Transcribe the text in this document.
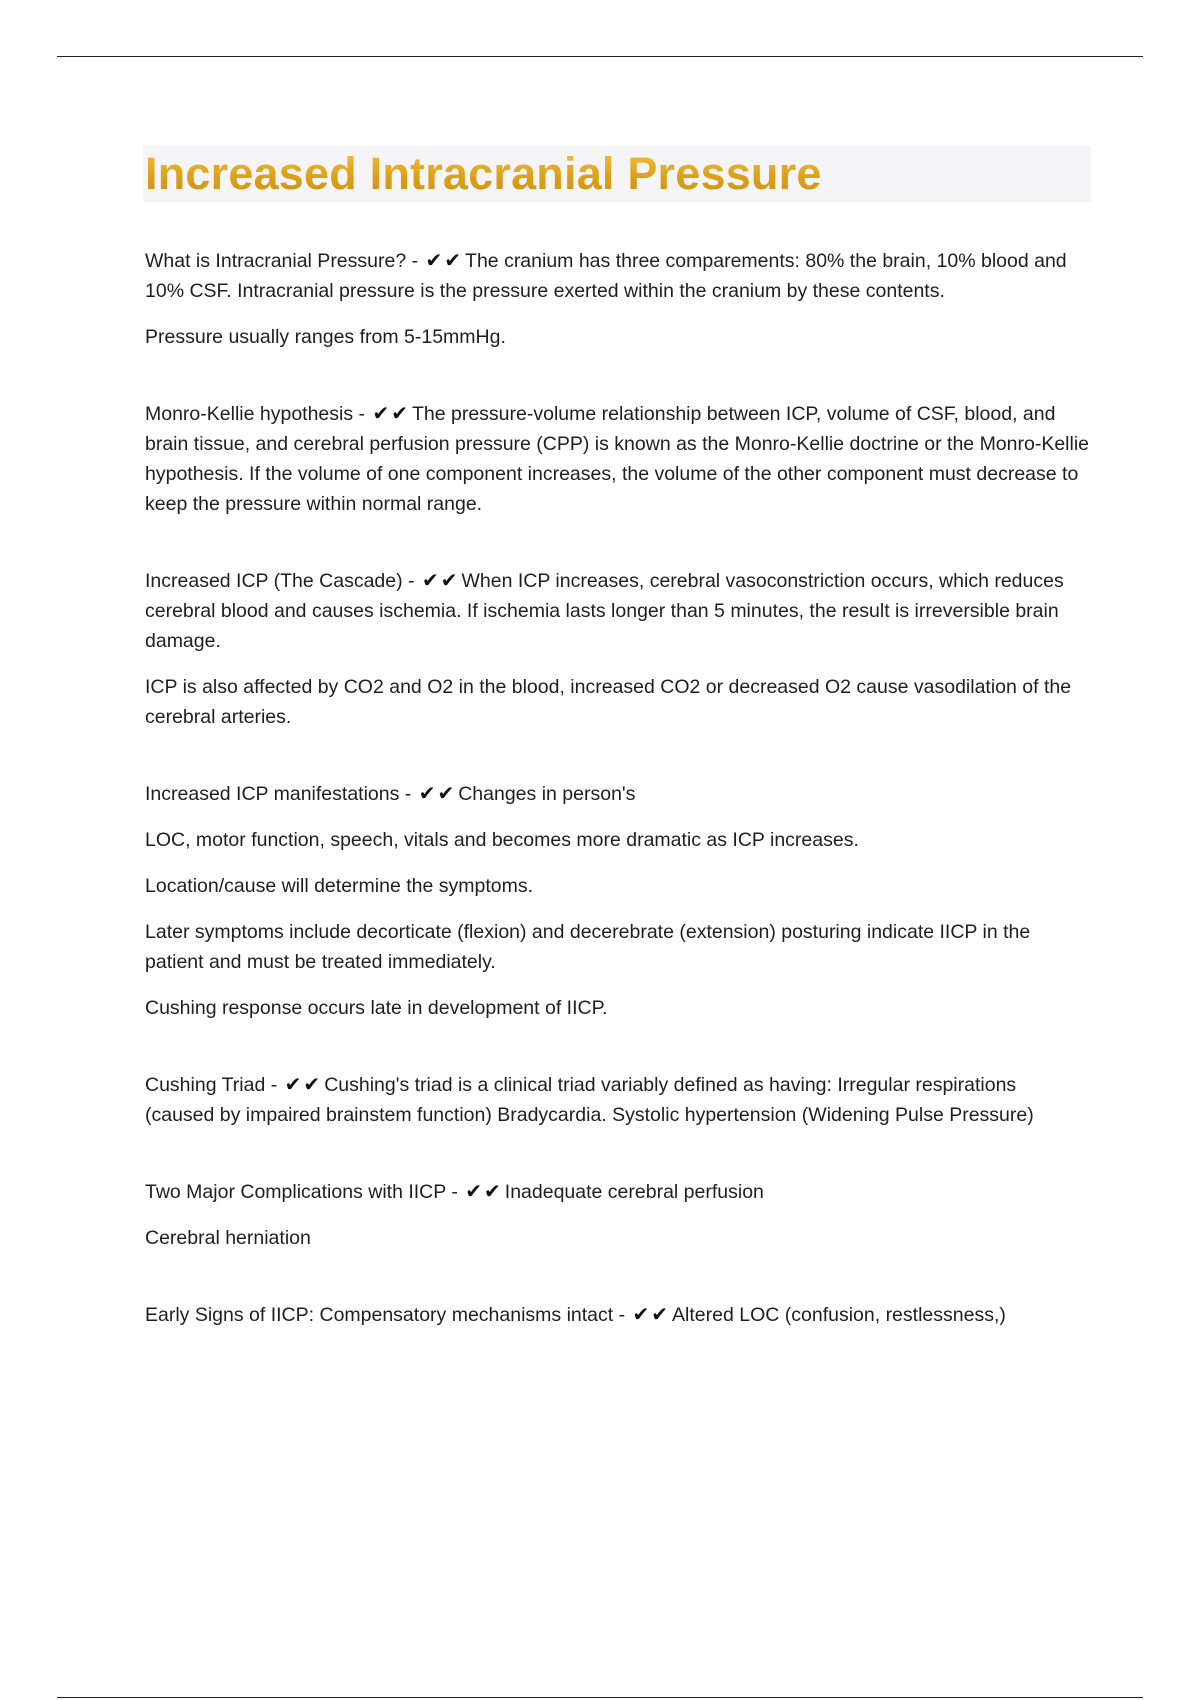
Increased Intracranial Pressure

What is Intracranial Pressure? - ✔✔ The cranium has three comparements: 80% the brain, 10% blood and 10% CSF. Intracranial pressure is the pressure exerted within the cranium by these contents.

Pressure usually ranges from 5-15mmHg.

Monro-Kellie hypothesis - ✔✔ The pressure-volume relationship between ICP, volume of CSF, blood, and brain tissue, and cerebral perfusion pressure (CPP) is known as the Monro-Kellie doctrine or the Monro-Kellie hypothesis. If the volume of one component increases, the volume of the other component must decrease to keep the pressure within normal range.

Increased ICP (The Cascade) - ✔✔ When ICP increases, cerebral vasoconstriction occurs, which reduces cerebral blood and causes ischemia. If ischemia lasts longer than 5 minutes, the result is irreversible brain damage.

ICP is also affected by CO2 and O2 in the blood, increased CO2 or decreased O2 cause vasodilation of the cerebral arteries.

Increased ICP manifestations - ✔✔ Changes in person's

LOC, motor function, speech, vitals and becomes more dramatic as ICP increases.

Location/cause will determine the symptoms.

Later symptoms include decorticate (flexion) and decerebrate (extension) posturing indicate IICP in the patient and must be treated immediately.

Cushing response occurs late in development of IICP.

Cushing Triad - ✔✔ Cushing's triad is a clinical triad variably defined as having: Irregular respirations (caused by impaired brainstem function) Bradycardia. Systolic hypertension (Widening Pulse Pressure)

Two Major Complications with IICP - ✔✔ Inadequate cerebral perfusion

Cerebral herniation

Early Signs of IICP: Compensatory mechanisms intact - ✔✔ Altered LOC (confusion, restlessness,)
